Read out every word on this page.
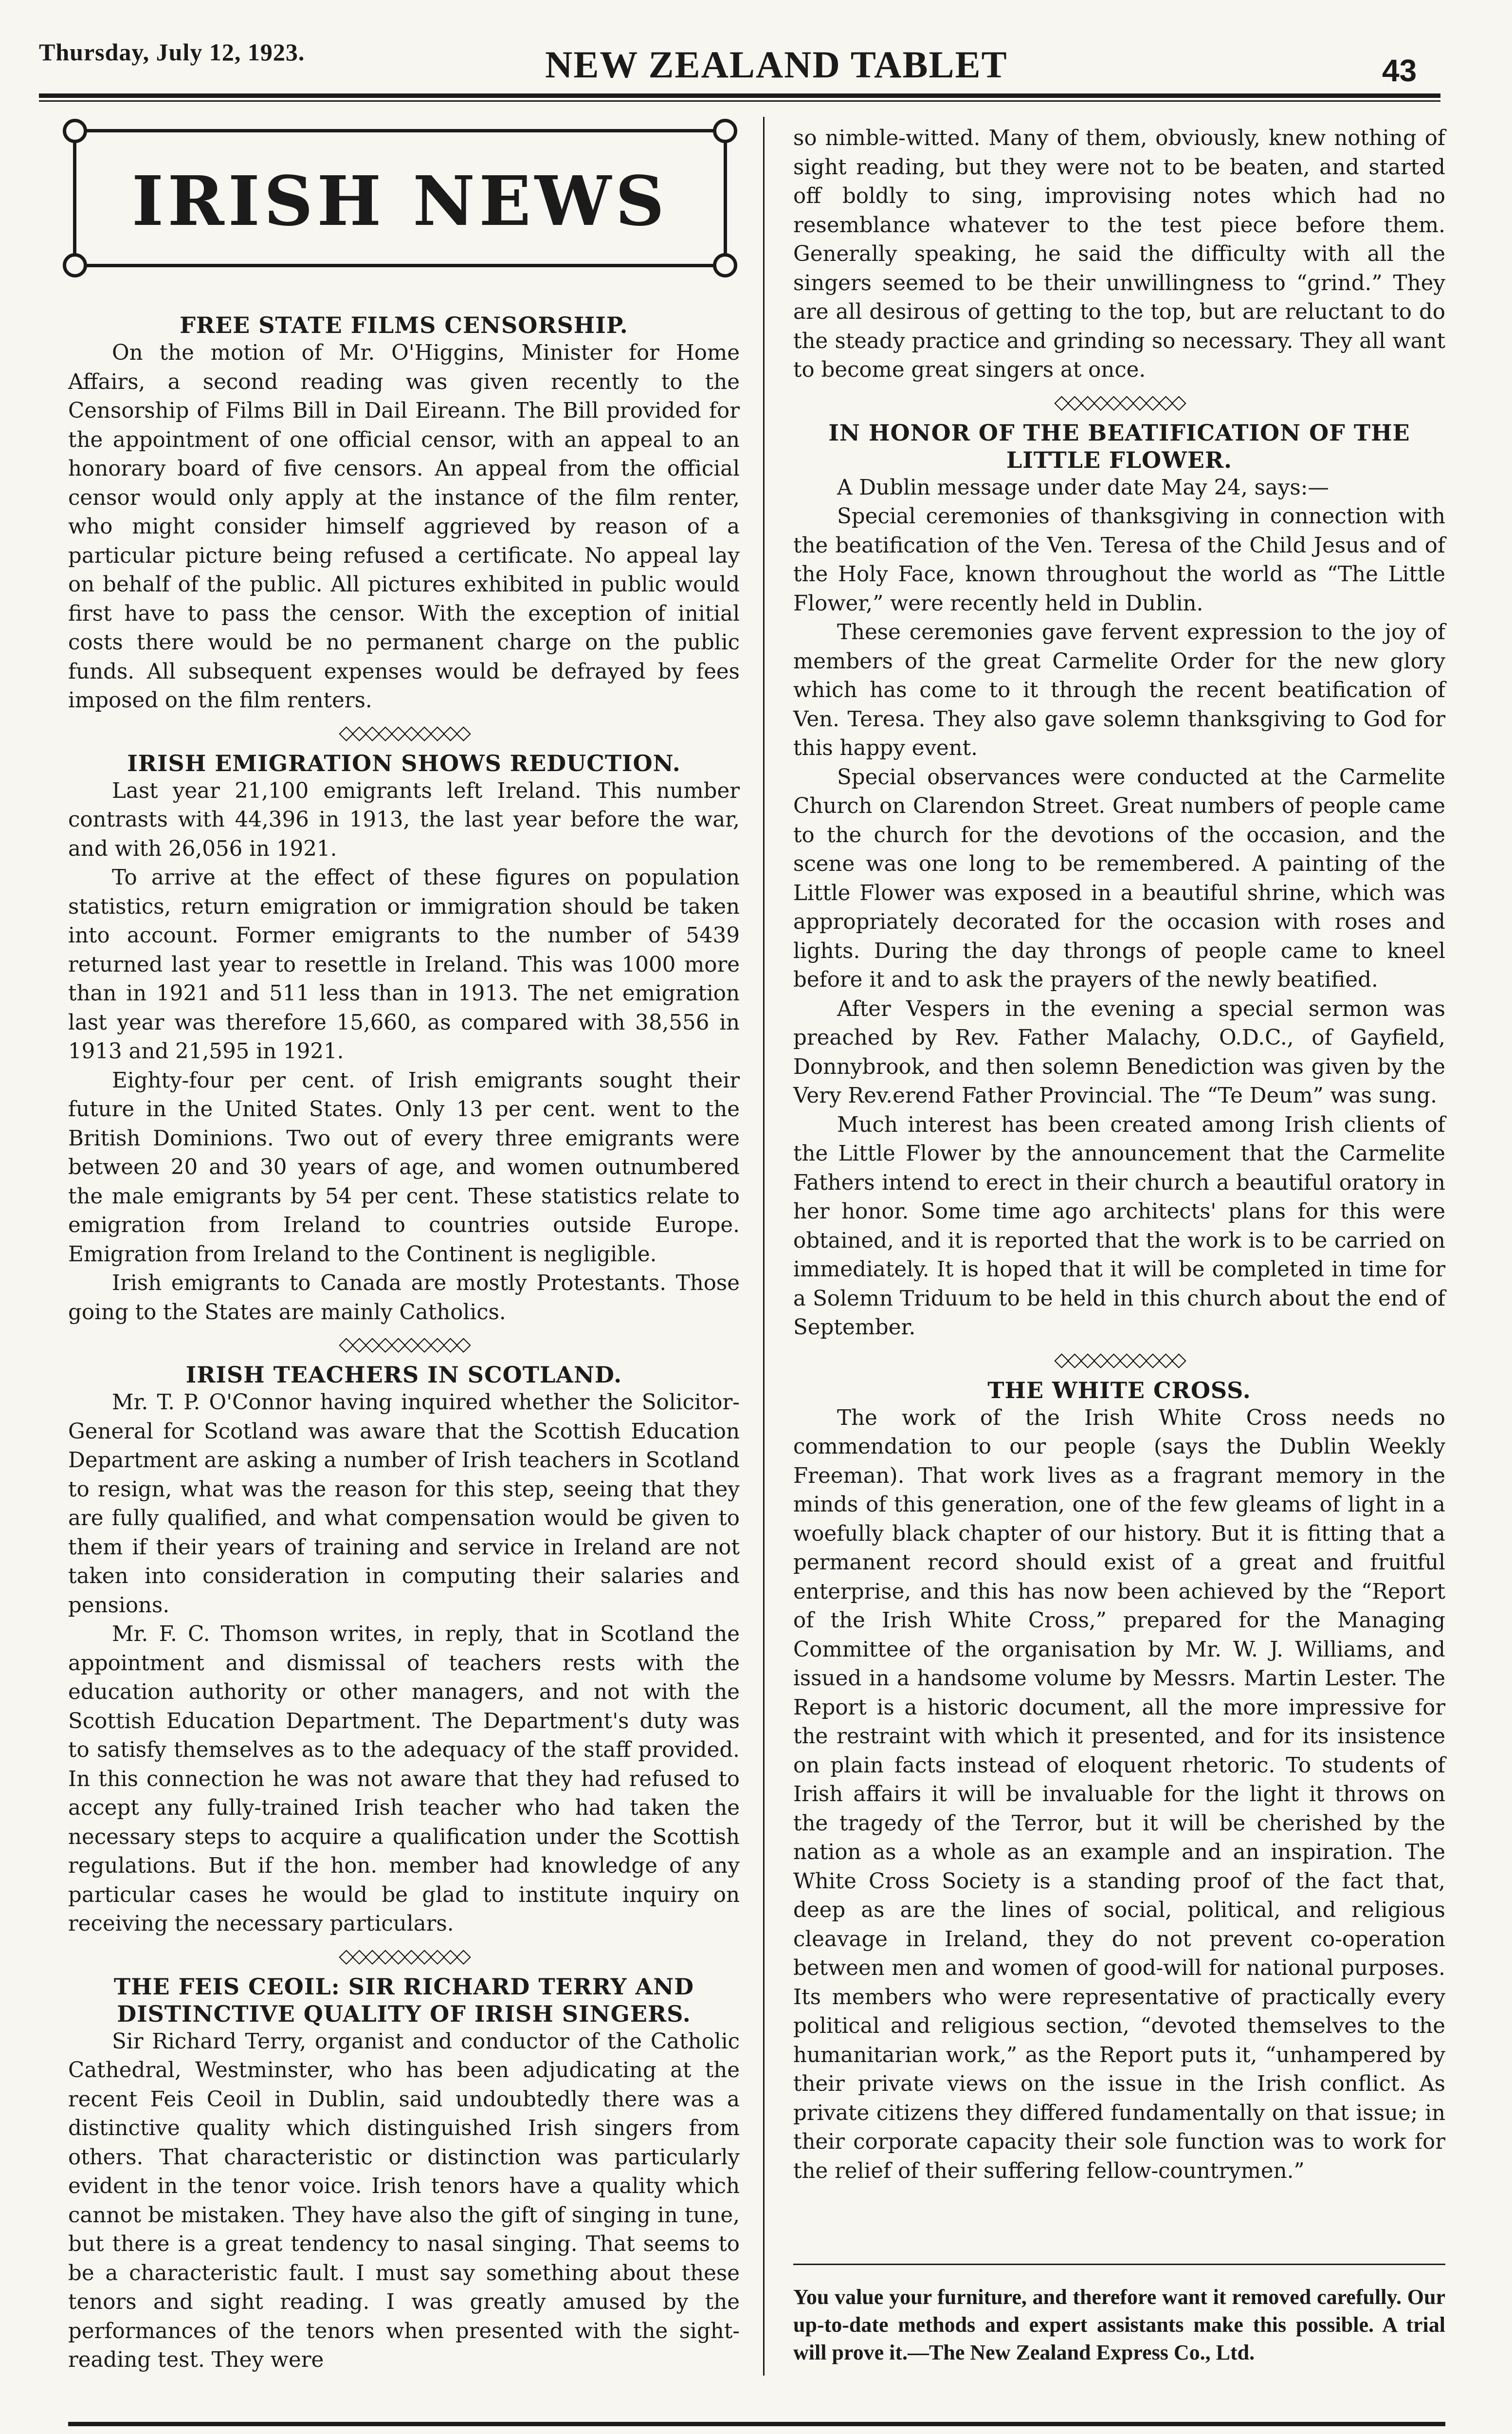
Thursday, July 12, 1923.	NEW ZEALAND TABLET	43
IRISH NEWS
FREE STATE FILMS CENSORSHIP.

On the motion of Mr. O'Higgins, Minister for Home Affairs, a second reading was given recently to the Censorship of Films Bill in Dail Eireann. The Bill provided for the appointment of one official censor, with an appeal to an honorary board of five censors. An appeal from the official censor would only apply at the instance of the film renter, who might consider himself aggrieved by reason of a particular picture being refused a certificate. No appeal lay on behalf of the public. All pictures exhibited in public would first have to pass the censor. With the exception of initial costs there would be no permanent charge on the public funds. All subsequent expenses would be defrayed by fees imposed on the film renters.

◇◇◇◇◇◇◇◇◇◇
IRISH EMIGRATION SHOWS REDUCTION.

Last year 21,100 emigrants left Ireland. This number contrasts with 44,396 in 1913, the last year before the war, and with 26,056 in 1921.

To arrive at the effect of these figures on population statistics, return emigration or immigration should be taken into account. Former emigrants to the number of 5439 returned last year to resettle in Ireland. This was 1000 more than in 1921 and 511 less than in 1913. The net emigration last year was therefore 15,660, as compared with 38,556 in 1913 and 21,595 in 1921.

Eighty-four per cent. of Irish emigrants sought their future in the United States. Only 13 per cent. went to the British Dominions. Two out of every three emigrants were between 20 and 30 years of age, and women outnumbered the male emigrants by 54 per cent. These statistics relate to emigration from Ireland to countries outside Europe. Emigration from Ireland to the Continent is negligible.

Irish emigrants to Canada are mostly Protestants. Those going to the States are mainly Catholics.

◇◇◇◇◇◇◇◇◇◇
IRISH TEACHERS IN SCOTLAND.

Mr. T. P. O'Connor having inquired whether the Solicitor-General for Scotland was aware that the Scottish Education Department are asking a number of Irish teachers in Scotland to resign, what was the reason for this step, seeing that they are fully qualified, and what compensation would be given to them if their years of training and service in Ireland are not taken into consideration in computing their salaries and pensions.

Mr. F. C. Thomson writes, in reply, that in Scotland the appointment and dismissal of teachers rests with the education authority or other managers, and not with the Scottish Education Department. The Department's duty was to satisfy themselves as to the adequacy of the staff provided. In this connection he was not aware that they had refused to accept any fully-trained Irish teacher who had taken the necessary steps to acquire a qualification under the Scottish regulations. But if the hon. member had knowledge of any particular cases he would be glad to institute inquiry on receiving the necessary particulars.

◇◇◇◇◇◇◇◇◇◇
THE FEIS CEOIL: SIR RICHARD TERRY AND DISTINCTIVE QUALITY OF IRISH SINGERS.

Sir Richard Terry, organist and conductor of the Catholic Cathedral, Westminster, who has been adjudicating at the recent Feis Ceoil in Dublin, said undoubtedly there was a distinctive quality which distinguished Irish singers from others. That characteristic or distinction was particularly evident in the tenor voice. Irish tenors have a quality which cannot be mistaken. They have also the gift of singing in tune, but there is a great tendency to nasal singing. That seems to be a characteristic fault. I must say something about these tenors and sight reading. I was greatly amused by the performances of the tenors when presented with the sight-reading test. They were

so nimble-witted. Many of them, obviously, knew nothing of sight reading, but they were not to be beaten, and started off boldly to sing, improvising notes which had no resemblance whatever to the test piece before them. Generally speaking, he said the difficulty with all the singers seemed to be their unwillingness to “grind.” They are all desirous of getting to the top, but are reluctant to do the steady practice and grinding so necessary. They all want to become great singers at once.

◇◇◇◇◇◇◇◇◇◇
IN HONOR OF THE BEATIFICATION OF THE LITTLE FLOWER.

A Dublin message under date May 24, says:—

Special ceremonies of thanksgiving in connection with the beatification of the Ven. Teresa of the Child Jesus and of the Holy Face, known throughout the world as “The Little Flower,” were recently held in Dublin.

These ceremonies gave fervent expression to the joy of members of the great Carmelite Order for the new glory which has come to it through the recent beatification of Ven. Teresa. They also gave solemn thanksgiving to God for this happy event.

Special observances were conducted at the Carmelite Church on Clarendon Street. Great numbers of people came to the church for the devotions of the occasion, and the scene was one long to be remembered. A painting of the Little Flower was exposed in a beautiful shrine, which was appropriately decorated for the occasion with roses and lights. During the day throngs of people came to kneel before it and to ask the prayers of the newly beatified.

After Vespers in the evening a special sermon was preached by Rev. Father Malachy, O.D.C., of Gayfield, Donnybrook, and then solemn Benediction was given by the Very Rev.erend Father Provincial. The “Te Deum” was sung.

Much interest has been created among Irish clients of the Little Flower by the announcement that the Carmelite Fathers intend to erect in their church a beautiful oratory in her honor. Some time ago architects' plans for this were obtained, and it is reported that the work is to be carried on immediately. It is hoped that it will be completed in time for a Solemn Triduum to be held in this church about the end of September.

◇◇◇◇◇◇◇◇◇◇
THE WHITE CROSS.

The work of the Irish White Cross needs no commendation to our people (says the Dublin Weekly Freeman). That work lives as a fragrant memory in the minds of this generation, one of the few gleams of light in a woefully black chapter of our history. But it is fitting that a permanent record should exist of a great and fruitful enterprise, and this has now been achieved by the “Report of the Irish White Cross,” prepared for the Managing Committee of the organisation by Mr. W. J. Williams, and issued in a handsome volume by Messrs. Martin Lester. The Report is a historic document, all the more impressive for the restraint with which it presented, and for its insistence on plain facts instead of eloquent rhetoric. To students of Irish affairs it will be invaluable for the light it throws on the tragedy of the Terror, but it will be cherished by the nation as a whole as an example and an inspiration. The White Cross Society is a standing proof of the fact that, deep as are the lines of social, political, and religious cleavage in Ireland, they do not prevent co-operation between men and women of good-will for national purposes. Its members who were representative of practically every political and religious section, “devoted themselves to the humanitarian work,” as the Report puts it, “unhampered by their private views on the issue in the Irish conflict. As private citizens they differed fundamentally on that issue; in their corporate capacity their sole function was to work for the relief of their suffering fellow-countrymen.”

You value your furniture, and therefore want it removed carefully. Our up-to-date methods and expert assistants make this possible. A trial will prove it.—The New Zealand Express Co., Ltd.
